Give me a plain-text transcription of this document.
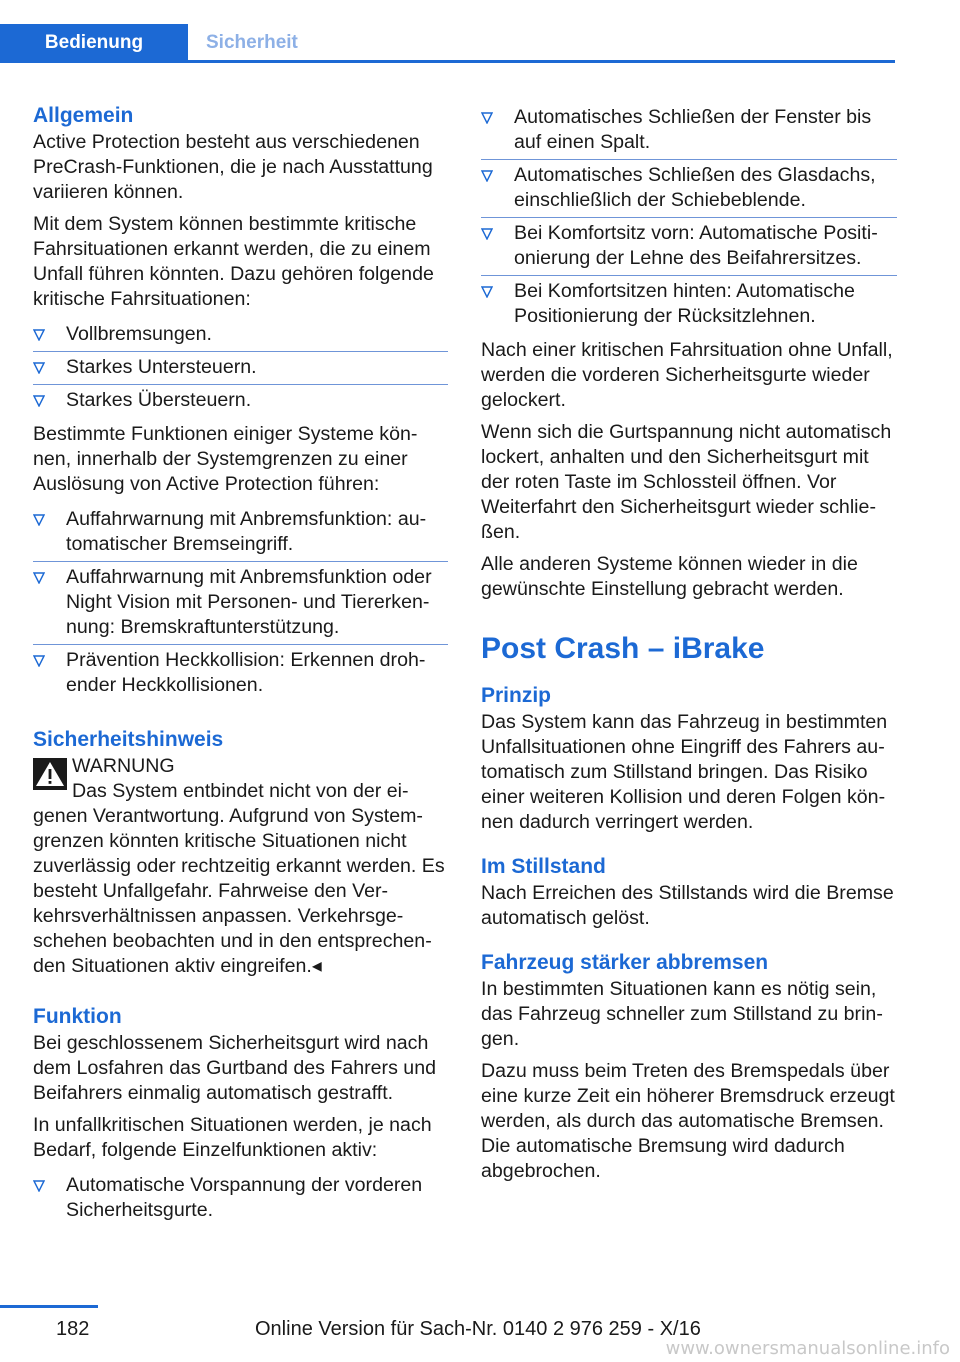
Bedienung	Sicherheit
Allgemein

Active Protection besteht aus verschiedenen PreCrash-Funktionen, die je nach Ausstattung variieren können.

Mit dem System können bestimmte kritische Fahrsituationen erkannt werden, die zu einem Unfall führen könnten. Dazu gehören folgende kritische Fahrsituationen:

Vollbremsungen.
Starkes Untersteuern.
Starkes Übersteuern.

Bestimmte Funktionen einiger Systeme können, innerhalb der Systemgrenzen zu einer Auslösung von Active Protection führen:

Auffahrwarnung mit Anbremsfunktion: automatischer Bremseingriff.
Auffahrwarnung mit Anbremsfunktion oder Night Vision mit Personen- und Tiererkennung: Bremskraftunterstützung.
Prävention Heckkollision: Erkennen drohender Heckkollisionen.
Sicherheitshinweis
WARNUNG

Das System entbindet nicht von der eigenen Verantwortung. Aufgrund von Systemgrenzen könnten kritische Situationen nicht zuverlässig oder rechtzeitig erkannt werden. Es besteht Unfallgefahr. Fahrweise den Verkehrsverhältnissen anpassen. Verkehrsgeschehen beobachten und in den entsprechenden Situationen aktiv eingreifen.◂

Funktion

Bei geschlossenem Sicherheitsgurt wird nach dem Losfahren das Gurtband des Fahrers und Beifahrers einmalig automatisch gestrafft.

In unfallkritischen Situationen werden, je nach Bedarf, folgende Einzelfunktionen aktiv:

Automatische Vorspannung der vorderen Sicherheitsgurte.
Automatisches Schließen der Fenster bis auf einen Spalt.
Automatisches Schließen des Glasdachs, einschließlich der Schiebeblende.
Bei Komfortsitz vorn: Automatische Positionierung der Lehne des Beifahrersitzes.
Bei Komfortsitzen hinten: Automatische Positionierung der Rücksitzlehnen.

Nach einer kritischen Fahrsituation ohne Unfall, werden die vorderen Sicherheitsgurte wieder gelockert.

Wenn sich die Gurtspannung nicht automatisch lockert, anhalten und den Sicherheitsgurt mit der roten Taste im Schlossteil öffnen. Vor Weiterfahrt den Sicherheitsgurt wieder schließen.

Alle anderen Systeme können wieder in die gewünschte Einstellung gebracht werden.

Post Crash – iBrake
Prinzip

Das System kann das Fahrzeug in bestimmten Unfallsituationen ohne Eingriff des Fahrers automatisch zum Stillstand bringen. Das Risiko einer weiteren Kollision und deren Folgen können dadurch verringert werden.

Im Stillstand

Nach Erreichen des Stillstands wird die Bremse automatisch gelöst.

Fahrzeug stärker abbremsen

In bestimmten Situationen kann es nötig sein, das Fahrzeug schneller zum Stillstand zu bringen.

Dazu muss beim Treten des Bremspedals über eine kurze Zeit ein höherer Bremsdruck erzeugt werden, als durch das automatische Bremsen. Die automatische Bremsung wird dadurch abgebrochen.

182	Online Version für Sach-Nr. 0140 2 976 259 - X/16
www.ownersmanualsonline.info
